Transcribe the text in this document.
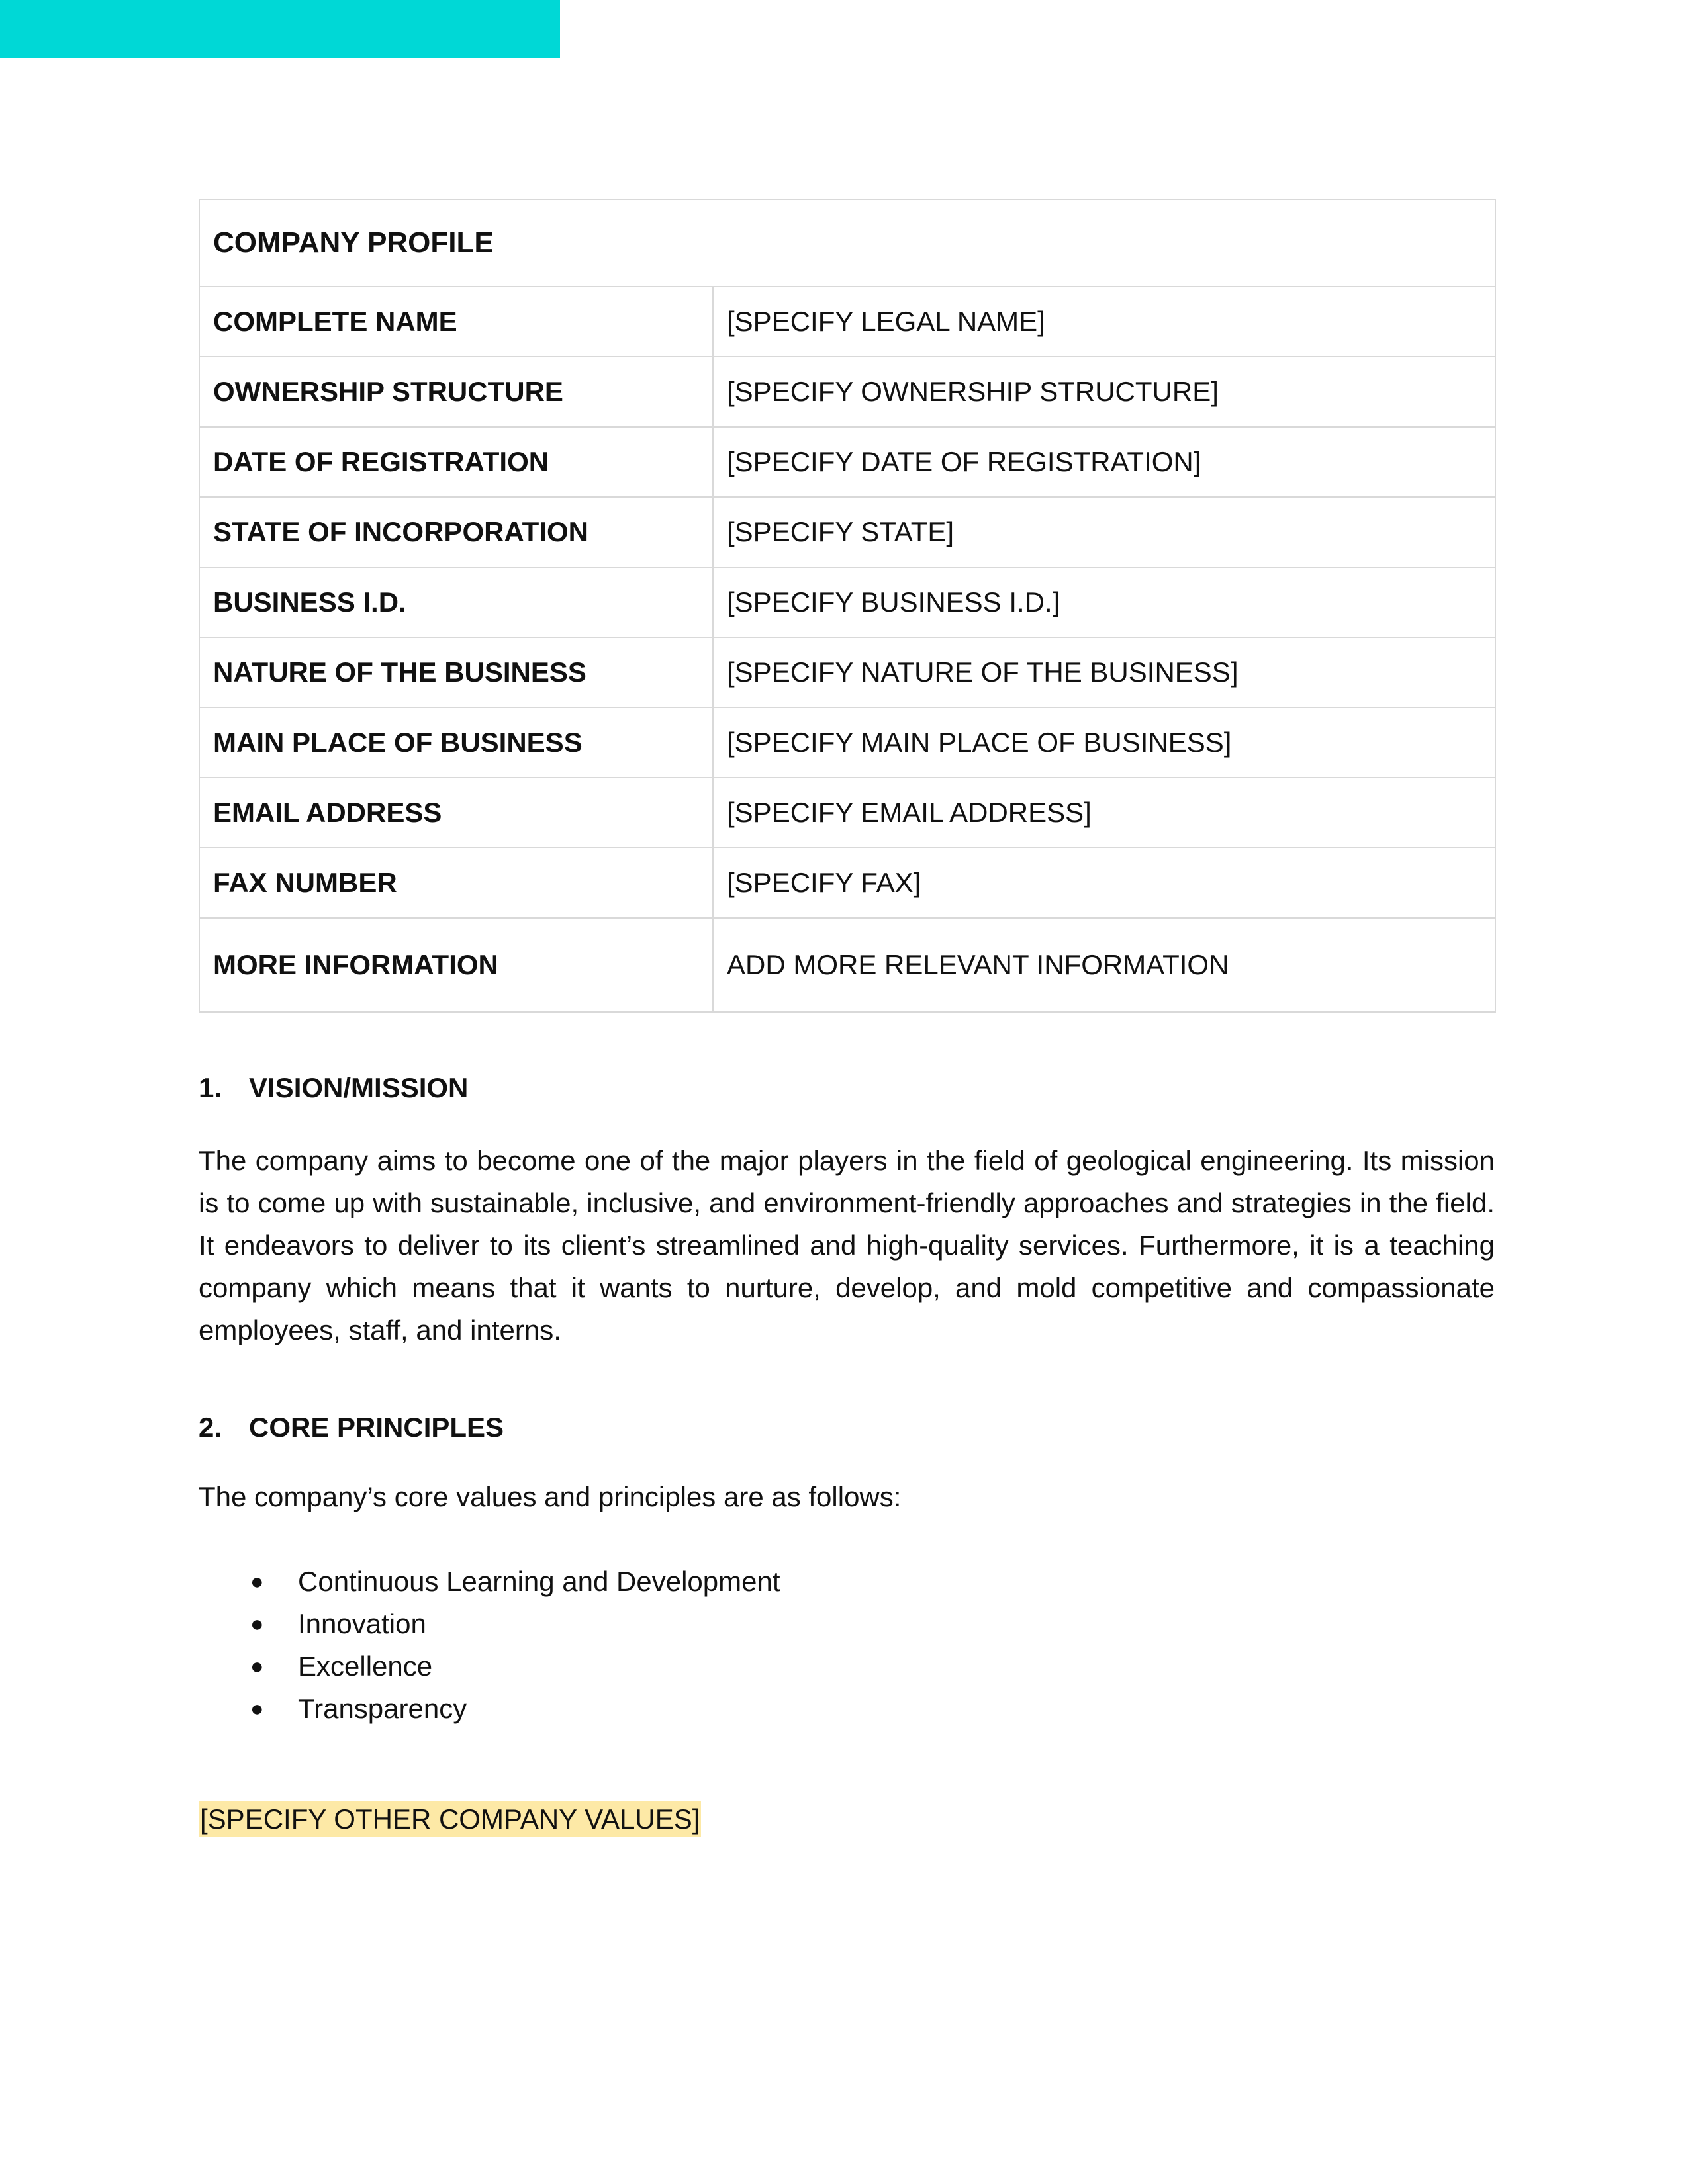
COMPANY PROFILE	
COMPLETE NAME	[SPECIFY LEGAL NAME]
OWNERSHIP STRUCTURE	[SPECIFY OWNERSHIP STRUCTURE]
DATE OF REGISTRATION	[SPECIFY DATE OF REGISTRATION]
STATE OF INCORPORATION	[SPECIFY STATE]
BUSINESS I.D.	[SPECIFY BUSINESS I.D.]
NATURE OF THE BUSINESS	[SPECIFY NATURE OF THE BUSINESS]
MAIN PLACE OF BUSINESS	[SPECIFY MAIN PLACE OF BUSINESS]
EMAIL ADDRESS	[SPECIFY EMAIL ADDRESS]
FAX NUMBER	[SPECIFY FAX]
MORE INFORMATION	ADD MORE RELEVANT INFORMATION
1. VISION/MISSION

The company aims to become one of the major players in the field of geological engineering. Its mission is to come up with sustainable, inclusive, and environment-friendly approaches and strategies in the field. It endeavors to deliver to its client’s streamlined and high-quality services. Furthermore, it is a teaching company which means that it wants to nurture, develop, and mold competitive and compassionate employees, staff, and interns.

2. CORE PRINCIPLES

The company’s core values and principles are as follows:

● Continuous Learning and Development
● Innovation
● Excellence
● Transparency
[SPECIFY OTHER COMPANY VALUES]
